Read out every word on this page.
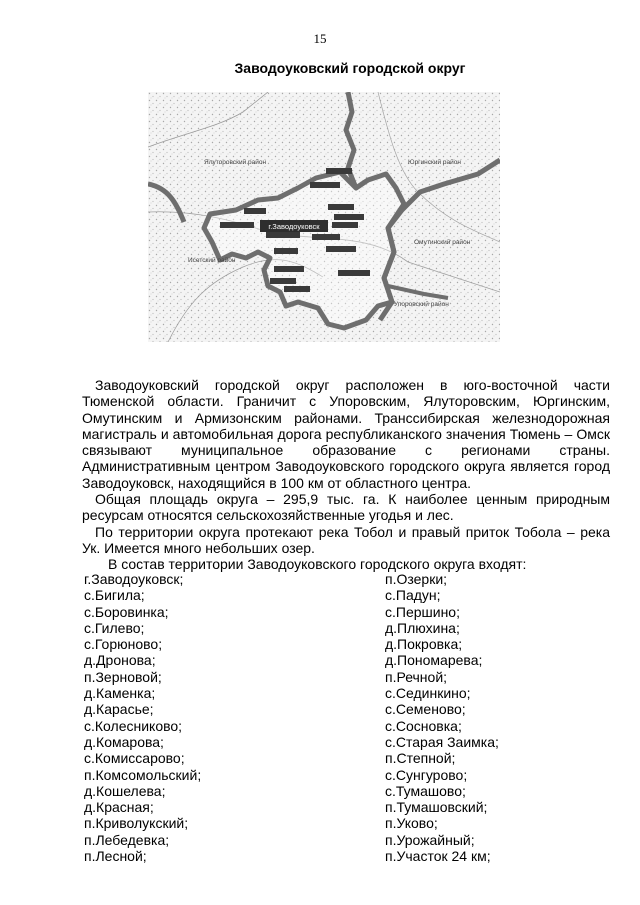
15
Заводоуковский городской округ
г.Заводоуковск
Ялуторовский район	Юргинский район
Омутинский район
Исетский район
Упоровский район

Заводоуковский городской округ расположен в юго-восточной части Тюменской области. Граничит с Упоровским, Ялуторовским, Юргинским, Омутинским и Армизонским районами. Транссибирская железнодорожная магистраль и автомобильная дорога республиканского значения Тюмень – Омск связывают муниципальное образование с регионами страны. Административным центром Заводоуковского городского округа является город Заводоуковск, находящийся в 100 км от областного центра.

Общая площадь округа – 295,9 тыс. га. К наиболее ценным природным ресурсам относятся сельскохозяйственные угодья и лес.

По территории округа протекают река Тобол и правый приток Тобола – река Ук. Имеется много небольших озер.

В состав территории Заводоуковского городского округа входят:

г.Заводоуковск;
с.Бигила;
с.Боровинка;
с.Гилево;
с.Горюново;
д.Дронова;
п.Зерновой;
д.Каменка;
д.Карасье;
с.Колесниково;
д.Комарова;
с.Комиссарово;
п.Комсомольский;
д.Кошелева;
д.Красная;
п.Криволукский;
п.Лебедевка;
п.Лесной;
п.Озерки;
с.Падун;
с.Першино;
д.Плюхина;
д.Покровка;
д.Пономарева;
п.Речной;
с.Сединкино;
с.Семеново;
с.Сосновка;
с.Старая Заимка;
п.Степной;
с.Сунгурово;
с.Тумашово;
п.Тумашовский;
п.Уково;
п.Урожайный;
п.Участок 24 км;
